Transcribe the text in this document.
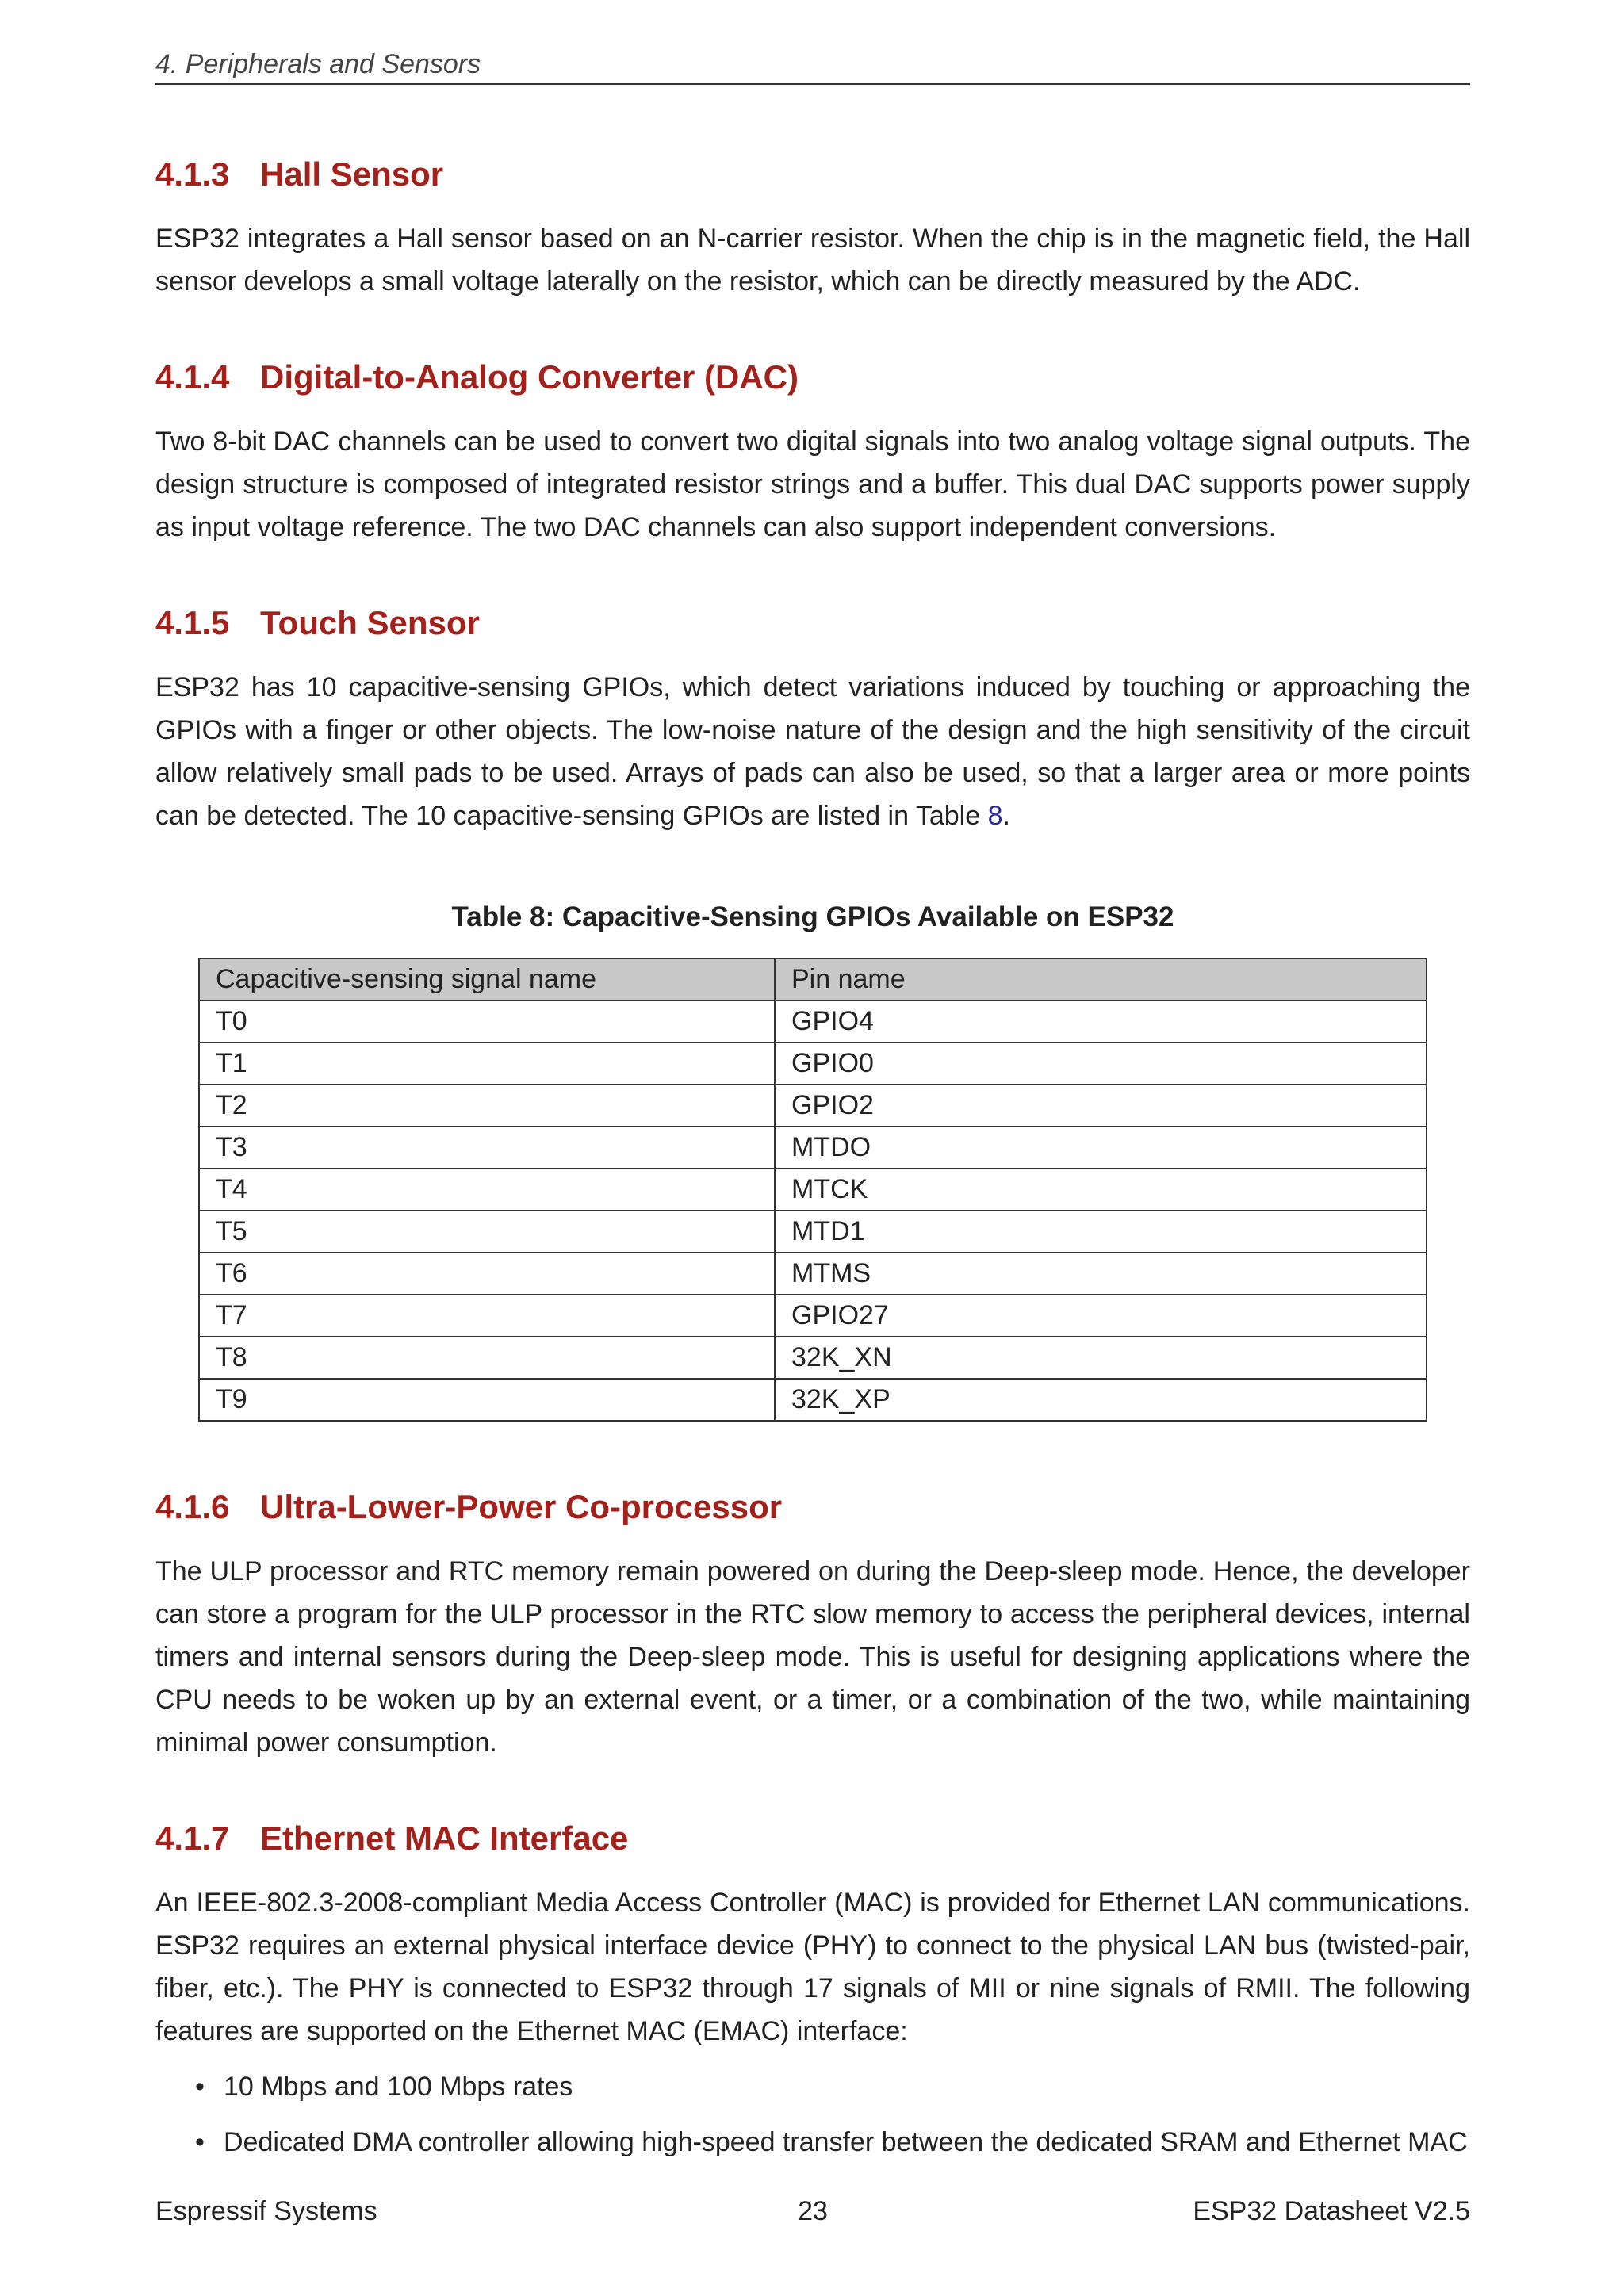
4. Peripherals and Sensors
4.1.3 Hall Sensor

ESP32 integrates a Hall sensor based on an N-carrier resistor. When the chip is in the magnetic field, the Hall sensor develops a small voltage laterally on the resistor, which can be directly measured by the ADC.

4.1.4 Digital-to-Analog Converter (DAC)

Two 8-bit DAC channels can be used to convert two digital signals into two analog voltage signal outputs. The design structure is composed of integrated resistor strings and a buffer. This dual DAC supports power supply as input voltage reference. The two DAC channels can also support independent conversions.

4.1.5 Touch Sensor

ESP32 has 10 capacitive-sensing GPIOs, which detect variations induced by touching or approaching the GPIOs with a finger or other objects. The low-noise nature of the design and the high sensitivity of the circuit allow relatively small pads to be used. Arrays of pads can also be used, so that a larger area or more points can be detected. The 10 capacitive-sensing GPIOs are listed in Table 8.

Table 8: Capacitive-Sensing GPIOs Available on ESP32
Capacitive-sensing signal name	Pin name
T0	GPIO4
T1	GPIO0
T2	GPIO2
T3	MTDO
T4	MTCK
T5	MTD1
T6	MTMS
T7	GPIO27
T8	32K_XN
T9	32K_XP
4.1.6 Ultra-Lower-Power Co-processor

The ULP processor and RTC memory remain powered on during the Deep-sleep mode. Hence, the developer can store a program for the ULP processor in the RTC slow memory to access the peripheral devices, internal timers and internal sensors during the Deep-sleep mode. This is useful for designing applications where the CPU needs to be woken up by an external event, or a timer, or a combination of the two, while maintaining minimal power consumption.

4.1.7 Ethernet MAC Interface

An IEEE-802.3-2008-compliant Media Access Controller (MAC) is provided for Ethernet LAN communications. ESP32 requires an external physical interface device (PHY) to connect to the physical LAN bus (twisted-pair, fiber, etc.). The PHY is connected to ESP32 through 17 signals of MII or nine signals of RMII. The following features are supported on the Ethernet MAC (EMAC) interface:

• 10 Mbps and 100 Mbps rates
• Dedicated DMA controller allowing high-speed transfer between the dedicated SRAM and Ethernet MAC
Espressif Systems	23	ESP32 Datasheet V2.5
